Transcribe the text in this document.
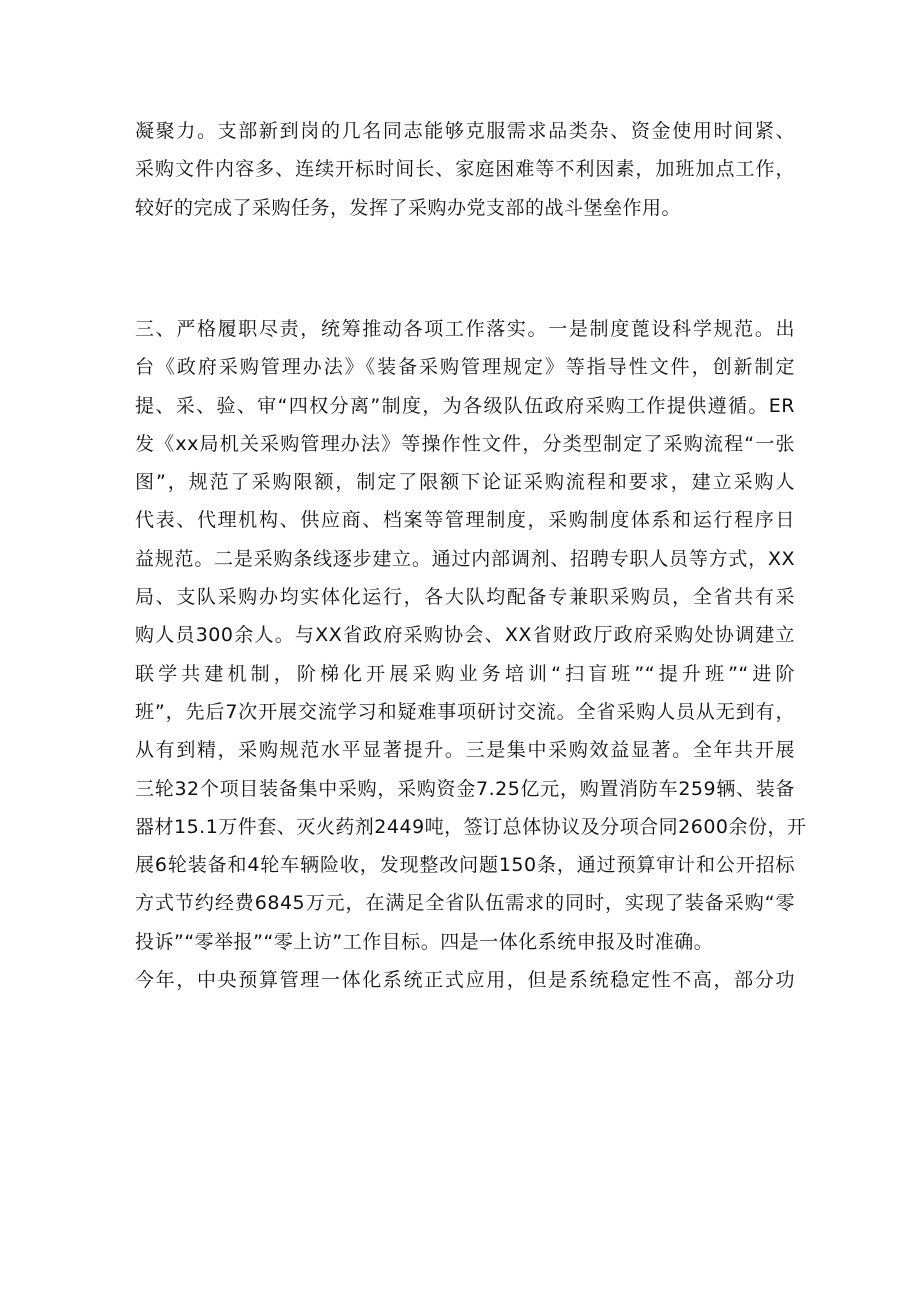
凝聚力。支部新到岗的几名同志能够克服需求品类杂、资金使用时间紧、
采购文件内容多、连续开标时间长、家庭困难等不利因素，加班加点工作，
较好的完成了采购任务，发挥了采购办党支部的战斗堡垒作用。
三、严格履职尽责，统筹推动各项工作落实。一是制度蓖设科学规范。出
台《政府采购管理办法》《装备采购管理规定》等指导性文件，创新制定
提、采、验、审“四权分离”制度，为各级队伍政府采购工作提供遵循。ER
发《xx局机关采购管理办法》等操作性文件，分类型制定了采购流程“一张
图”，规范了采购限额，制定了限额下论证采购流程和要求，建立采购人
代表、代理机构、供应商、档案等管理制度，采购制度体系和运行程序日
益规范。二是采购条线逐步建立。通过内部调剂、招聘专职人员等方式，XX
局、支队采购办均实体化运行，各大队均配备专兼职采购员，全省共有采
购人员300余人。与XX省政府采购协会、XX省财政厅政府采购处协调建立
联学共建机制，阶梯化开展采购业务培训“扫盲班”“提升班”“进阶
班”，先后7次开展交流学习和疑难事项研讨交流。全省采购人员从无到有，
从有到精，采购规范水平显著提升。三是集中采购效益显著。全年共开展
三轮32个项目装备集中采购，采购资金7.25亿元，购置消防车259辆、装备
器材15.1万件套、灭火药剂2449吨，签订总体协议及分项合同2600余份，开
展6轮装备和4轮车辆险收，发现整改问题150条，通过预算审计和公开招标
方式节约经费6845万元，在满足全省队伍需求的同时，实现了装备采购“零
投诉”“零举报”“零上访”工作目标。四是一体化系统申报及时准确。
今年，中央预算管理一体化系统正式应用，但是系统稳定性不高，部分功
